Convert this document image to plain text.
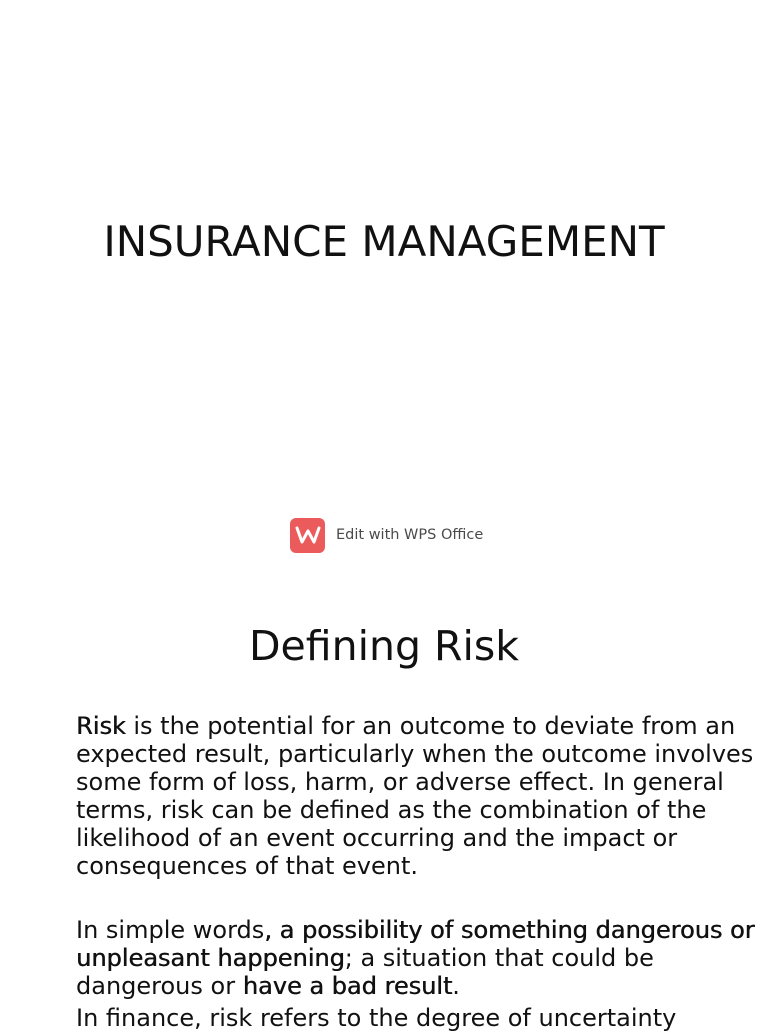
INSURANCE MANAGEMENT
Edit with WPS Office
Defining Risk

Risk is the potential for an outcome to deviate from an expected result, particularly when the outcome involves some form of loss, harm, or adverse effect. In general terms, risk can be defined as the combination of the likelihood of an event occurring and the impact or consequences of that event.

In simple words, a possibility of something dangerous or unpleasant happening; a situation that could be dangerous or have a bad result.

In finance, risk refers to the degree of uncertainty
